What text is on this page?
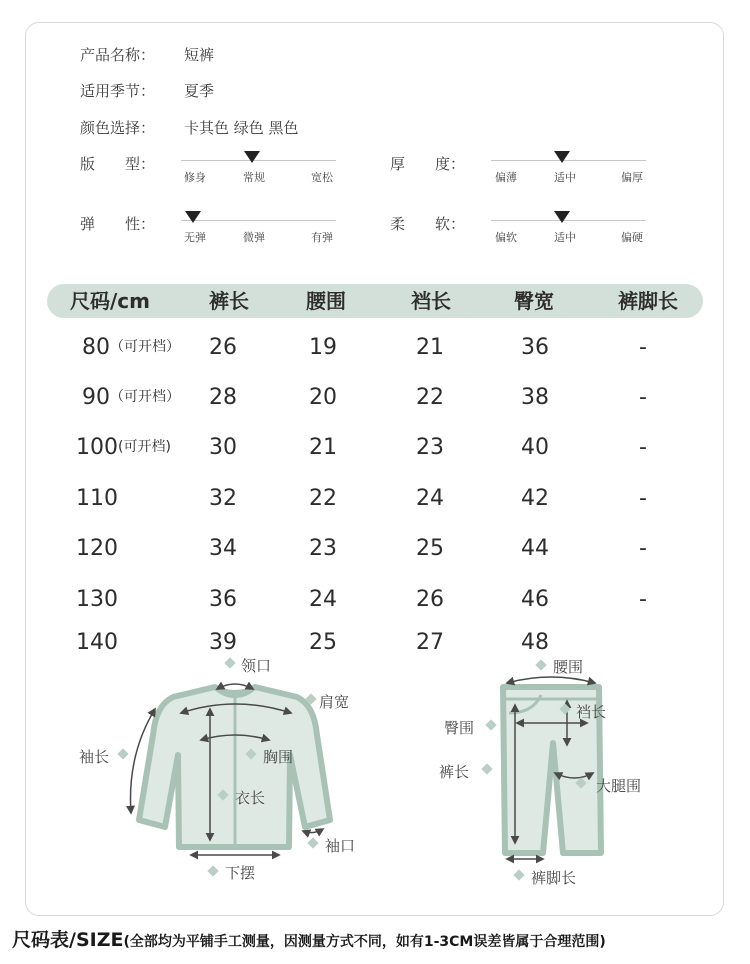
产品名称： 短裤
适用季节： 夏季
颜色选择： 卡其色 绿色 黑色
版　　型：
修身	常规	宽松
厚　　度：
偏薄	适中	偏厚
弹　　性：
无弹	微弹	有弹
柔　　软：
偏软	适中	偏硬
尺码/cm	裤长	腰围	裆长	臀宽	裤脚长
80（可开档） 26	19	21	36	-
90（可开档） 28	20	22	38	-
100(可开档) 30	21	23	40	-
110	32	22	24	42	-
120	34	23	25	44	-
130	36	24	26	46	-
140	39	25	27	48
领口
肩宽
袖长	胸围
衣长
袖口
下摆
腰围
臀围
裆长
裤长
大腿围
裤脚长
尺码表/SIZE(全部均为平铺手工测量，因测量方式不同，如有1-3CM误差皆属于合理范围)
